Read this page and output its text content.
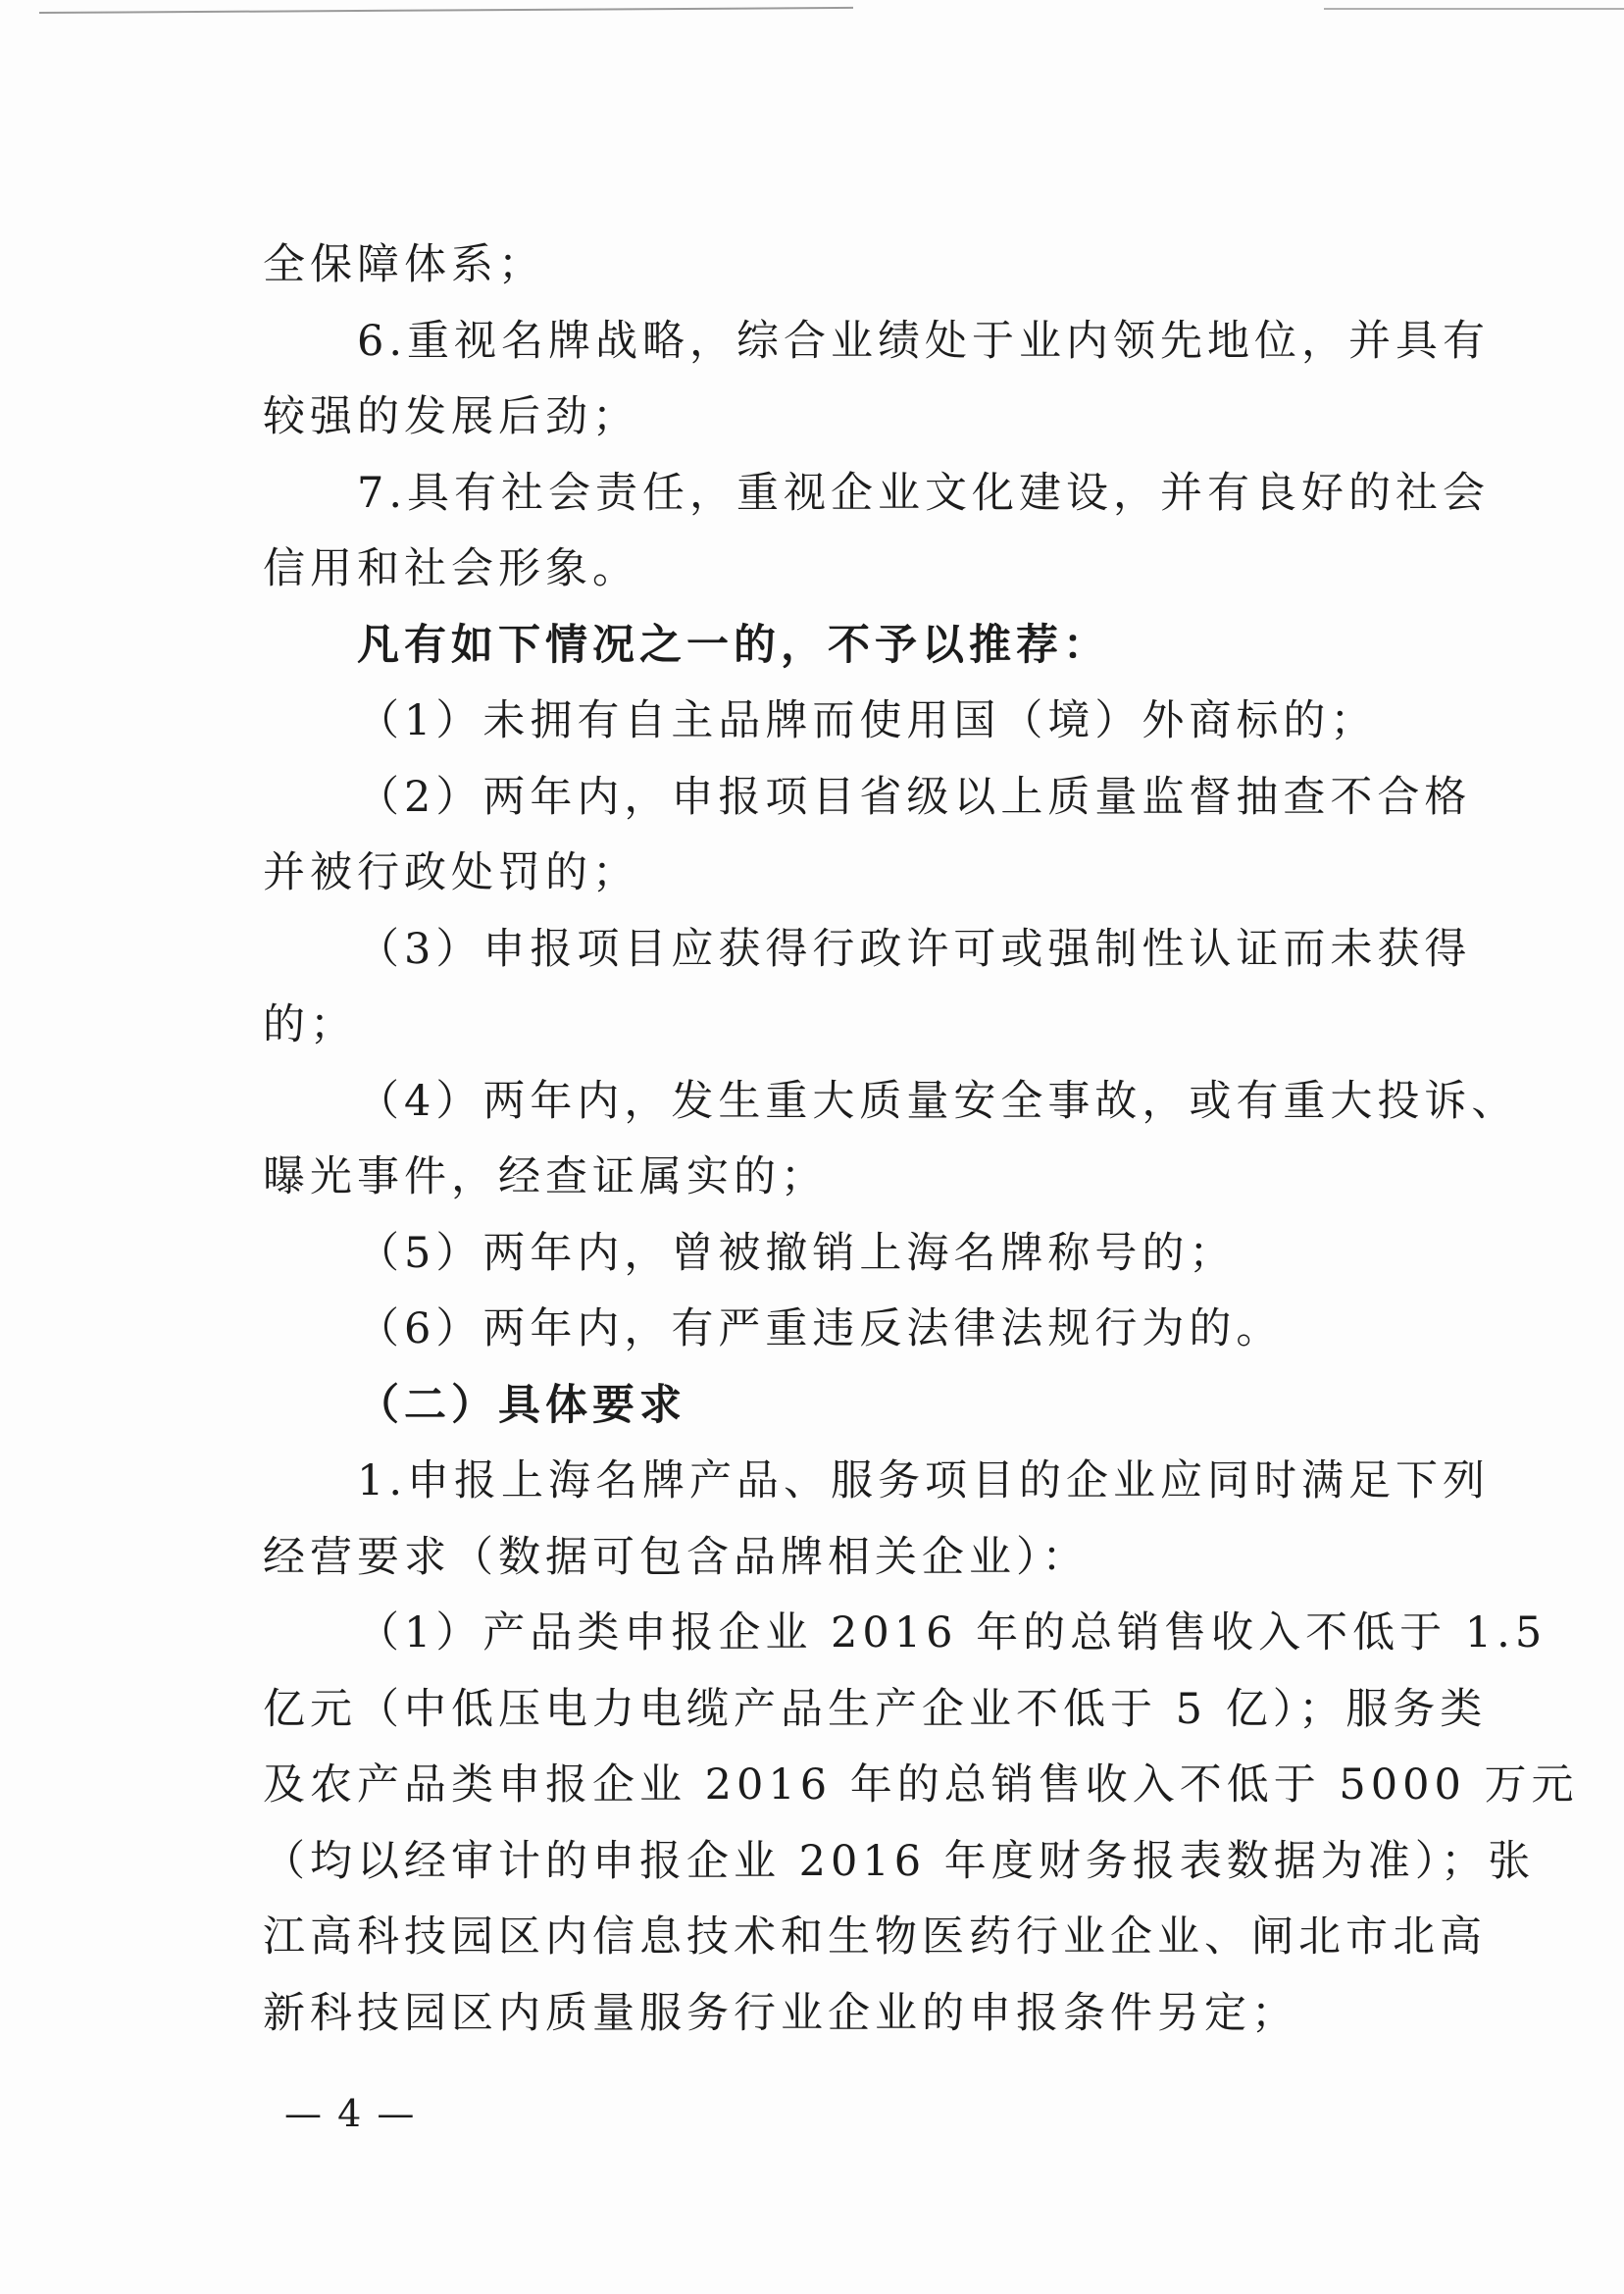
全保障体系；
6.重视名牌战略，综合业绩处于业内领先地位，并具有
较强的发展后劲；
7.具有社会责任，重视企业文化建设，并有良好的社会
信用和社会形象。
凡有如下情况之一的，不予以推荐：
（1）未拥有自主品牌而使用国（境）外商标的；
（2）两年内，申报项目省级以上质量监督抽查不合格
并被行政处罚的；
（3）申报项目应获得行政许可或强制性认证而未获得
的；
（4）两年内，发生重大质量安全事故，或有重大投诉、
曝光事件，经查证属实的；
（5）两年内，曾被撤销上海名牌称号的；
（6）两年内，有严重违反法律法规行为的。
（二）具体要求
1.申报上海名牌产品、服务项目的企业应同时满足下列
经营要求（数据可包含品牌相关企业）：
（1）产品类申报企业 2016 年的总销售收入不低于 1.5
亿元（中低压电力电缆产品生产企业不低于 5 亿）；服务类
及农产品类申报企业 2016 年的总销售收入不低于 5000 万元
（均以经审计的申报企业 2016 年度财务报表数据为准）；张
江高科技园区内信息技术和生物医药行业企业、闸北市北高
新科技园区内质量服务行业企业的申报条件另定；
— 4 —
